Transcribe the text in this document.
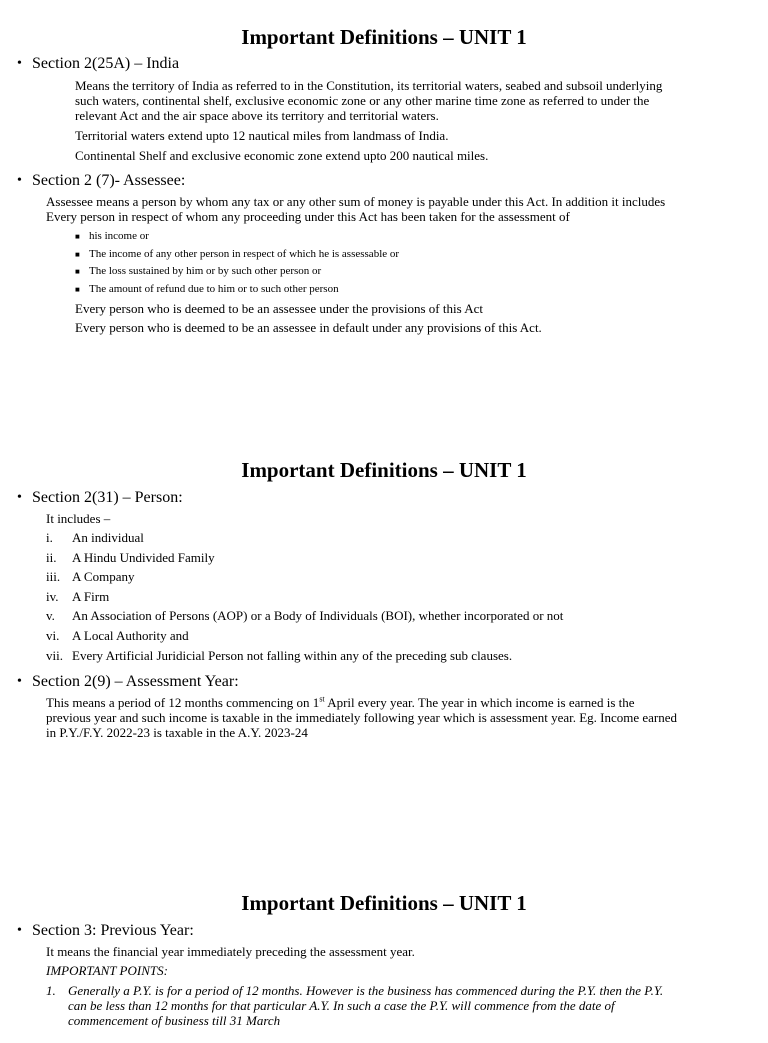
Important Definitions – UNIT 1
• Section 2(25A) – India
Means the territory of India as referred to in the Constitution, its territorial waters, seabed and subsoil underlying
such waters, continental shelf, exclusive economic zone or any other marine time zone as referred to under the
relevant Act and the air space above its territory and territorial waters.
Territorial waters extend upto 12 nautical miles from landmass of India.
Continental Shelf and exclusive economic zone extend upto 200 nautical miles.
• Section 2 (7)- Assessee:
Assessee means a person by whom any tax or any other sum of money is payable under this Act. In addition it includes
Every person in respect of whom any proceeding under this Act has been taken for the assessment of
■ his income or
■ The income of any other person in respect of which he is assessable or
■ The loss sustained by him or by such other person or
■ The amount of refund due to him or to such other person
Every person who is deemed to be an assessee under the provisions of this Act
Every person who is deemed to be an assessee in default under any provisions of this Act.
Important Definitions – UNIT 1
• Section 2(31) – Person:
It includes –
i. An individual
ii. A Hindu Undivided Family
iii. A Company
iv. A Firm
v. An Association of Persons (AOP) or a Body of Individuals (BOI), whether incorporated or not
vi. A Local Authority and
vii. Every Artificial Juridicial Person not falling within any of the preceding sub clauses.
• Section 2(9) – Assessment Year:
This means a period of 12 months commencing on 1st April every year. The year in which income is earned is the
previous year and such income is taxable in the immediately following year which is assessment year. Eg. Income earned
in P.Y./F.Y. 2022-23 is taxable in the A.Y. 2023-24
Important Definitions – UNIT 1
• Section 3: Previous Year:
It means the financial year immediately preceding the assessment year.
IMPORTANT POINTS:
1. Generally a P.Y. is for a period of 12 months. However is the business has commenced during the P.Y. then the P.Y.
can be less than 12 months for that particular A.Y. In such a case the P.Y. will commence from the date of
commencement of business till 31 March
